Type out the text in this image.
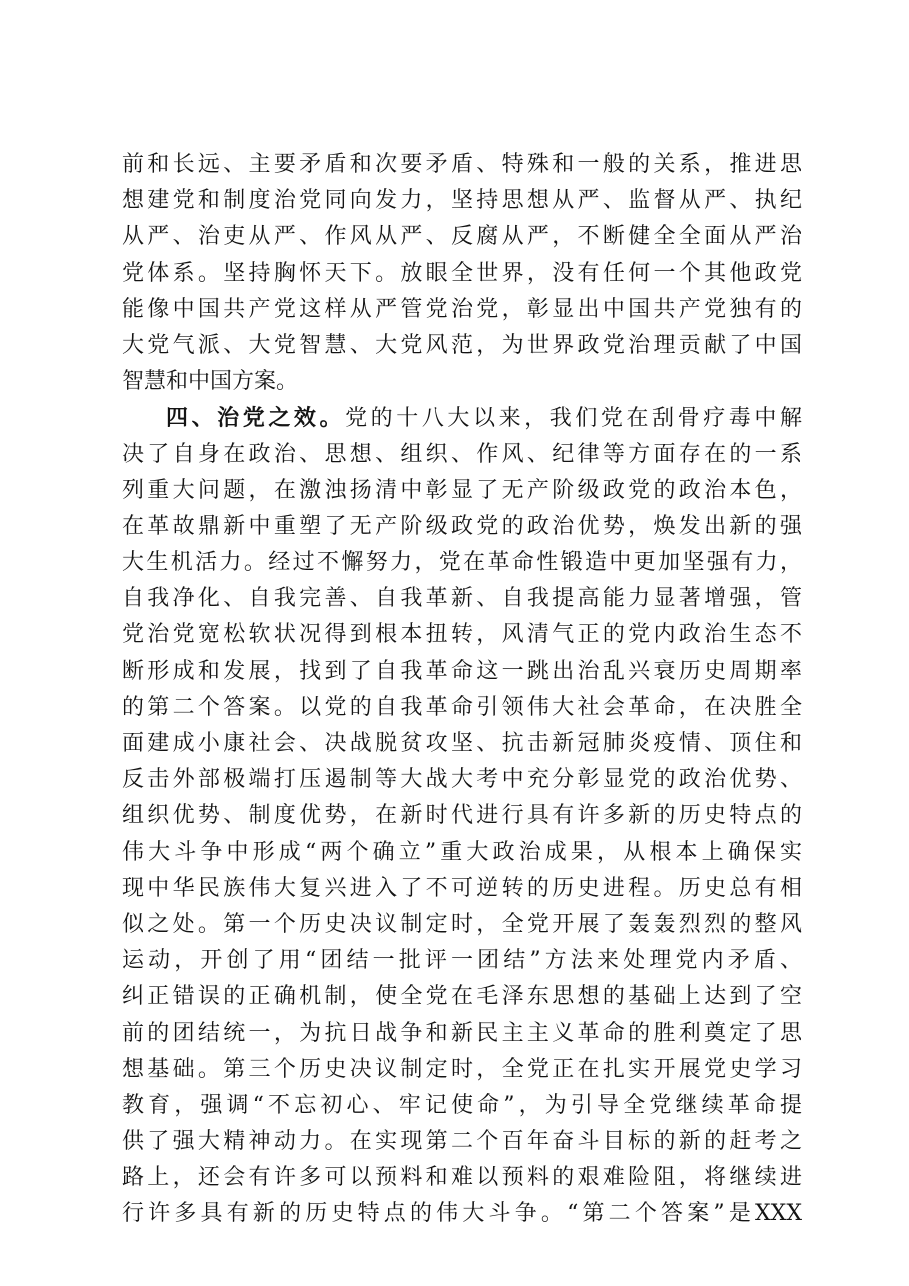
前和长远、主要矛盾和次要矛盾、特殊和一般的关系，推进思
想建党和制度治党同向发力，坚持思想从严、监督从严、执纪
从严、治吏从严、作风从严、反腐从严，不断健全全面从严治
党体系。坚持胸怀天下。放眼全世界，没有任何一个其他政党
能像中国共产党这样从严管党治党，彰显出中国共产党独有的
大党气派、大党智慧、大党风范，为世界政党治理贡献了中国
智慧和中国方案。
四、治党之效。党的十八大以来，我们党在刮骨疗毒中解
决了自身在政治、思想、组织、作风、纪律等方面存在的一系
列重大问题，在激浊扬清中彰显了无产阶级政党的政治本色，
在革故鼎新中重塑了无产阶级政党的政治优势，焕发出新的强
大生机活力。经过不懈努力，党在革命性锻造中更加坚强有力，
自我净化、自我完善、自我革新、自我提高能力显著增强，管
党治党宽松软状况得到根本扭转，风清气正的党内政治生态不
断形成和发展，找到了自我革命这一跳出治乱兴衰历史周期率
的第二个答案。以党的自我革命引领伟大社会革命，在决胜全
面建成小康社会、决战脱贫攻坚、抗击新冠肺炎疫情、顶住和
反击外部极端打压遏制等大战大考中充分彰显党的政治优势、
组织优势、制度优势，在新时代进行具有许多新的历史特点的
伟大斗争中形成“两个确立”重大政治成果，从根本上确保实
现中华民族伟大复兴进入了不可逆转的历史进程。历史总有相
似之处。第一个历史决议制定时，全党开展了轰轰烈烈的整风
运动，开创了用“团结一批评一团结”方法来处理党内矛盾、
纠正错误的正确机制，使全党在毛泽东思想的基础上达到了空
前的团结统一，为抗日战争和新民主主义革命的胜利奠定了思
想基础。第三个历史决议制定时，全党正在扎实开展党史学习
教育，强调“不忘初心、牢记使命”，为引导全党继续革命提
供了强大精神动力。在实现第二个百年奋斗目标的新的赶考之
路上，还会有许多可以预料和难以预料的艰难险阻，将继续进
行许多具有新的历史特点的伟大斗争。“第二个答案”是XXX
